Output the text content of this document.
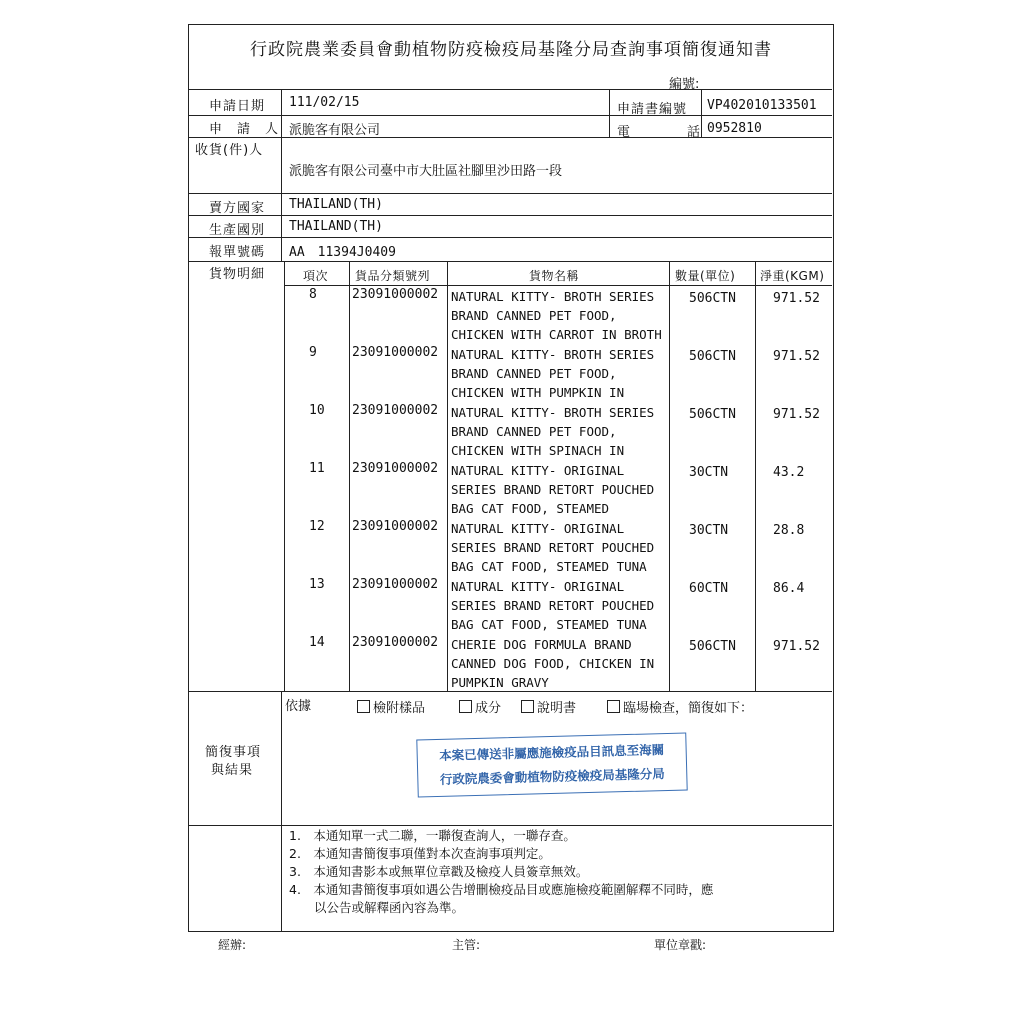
行政院農業委員會動植物防疫檢疫局基隆分局查詢事項簡復通知書
編號:
申請日期 111/02/15	申請書編號 VP402010133501
申　請　人 派脆客有限公司	電　　　　話 0952810
收貨(件)人
派脆客有限公司臺中市大肚區社腳里沙田路一段
賣方國家 THAILAND(TH)
生產國別 THAILAND(TH)
報單號碼 AA　11394J0409
貨物明細	項次 貨品分類號列	貨物名稱	數量(單位) 淨重(KGM)
8	23091000002 NATURAL KITTY- BROTH SERIES
BRAND CANNED PET FOOD,
CHICKEN WITH CARROT IN BROTH
506CTN	971.52
9	23091000002 NATURAL KITTY- BROTH SERIES
BRAND CANNED PET FOOD,
CHICKEN WITH PUMPKIN IN
506CTN	971.52
10 23091000002 NATURAL KITTY- BROTH SERIES
BRAND CANNED PET FOOD,
CHICKEN WITH SPINACH IN
506CTN	971.52
11 23091000002 NATURAL KITTY- ORIGINAL
SERIES BRAND RETORT POUCHED
BAG CAT FOOD, STEAMED
30CTN	43.2
12 23091000002 NATURAL KITTY- ORIGINAL
SERIES BRAND RETORT POUCHED
BAG CAT FOOD, STEAMED TUNA
30CTN	28.8
13 23091000002 NATURAL KITTY- ORIGINAL
SERIES BRAND RETORT POUCHED
BAG CAT FOOD, STEAMED TUNA
60CTN	86.4
14 23091000002 CHERIE DOG FORMULA BRAND
CANNED DOG FOOD, CHICKEN IN
PUMPKIN GRAVY
506CTN	971.52
簡復事項
與結果
依據	檢附樣品	成分	說明書	臨場檢查，簡復如下：
本案已傳送非屬應施檢疫品目訊息至海關
行政院農委會動植物防疫檢疫局基隆分局
1.　本通知單一式二聯，一聯復查詢人，一聯存查。
2.　本通知書簡復事項僅對本次查詢事項判定。
3.　本通知書影本或無單位章戳及檢疫人員簽章無效。
4.　本通知書簡復事項如遇公告增刪檢疫品目或應施檢疫範圍解釋不同時，應
　　以公告或解釋函內容為準。
經辦:	主管:	單位章戳:
